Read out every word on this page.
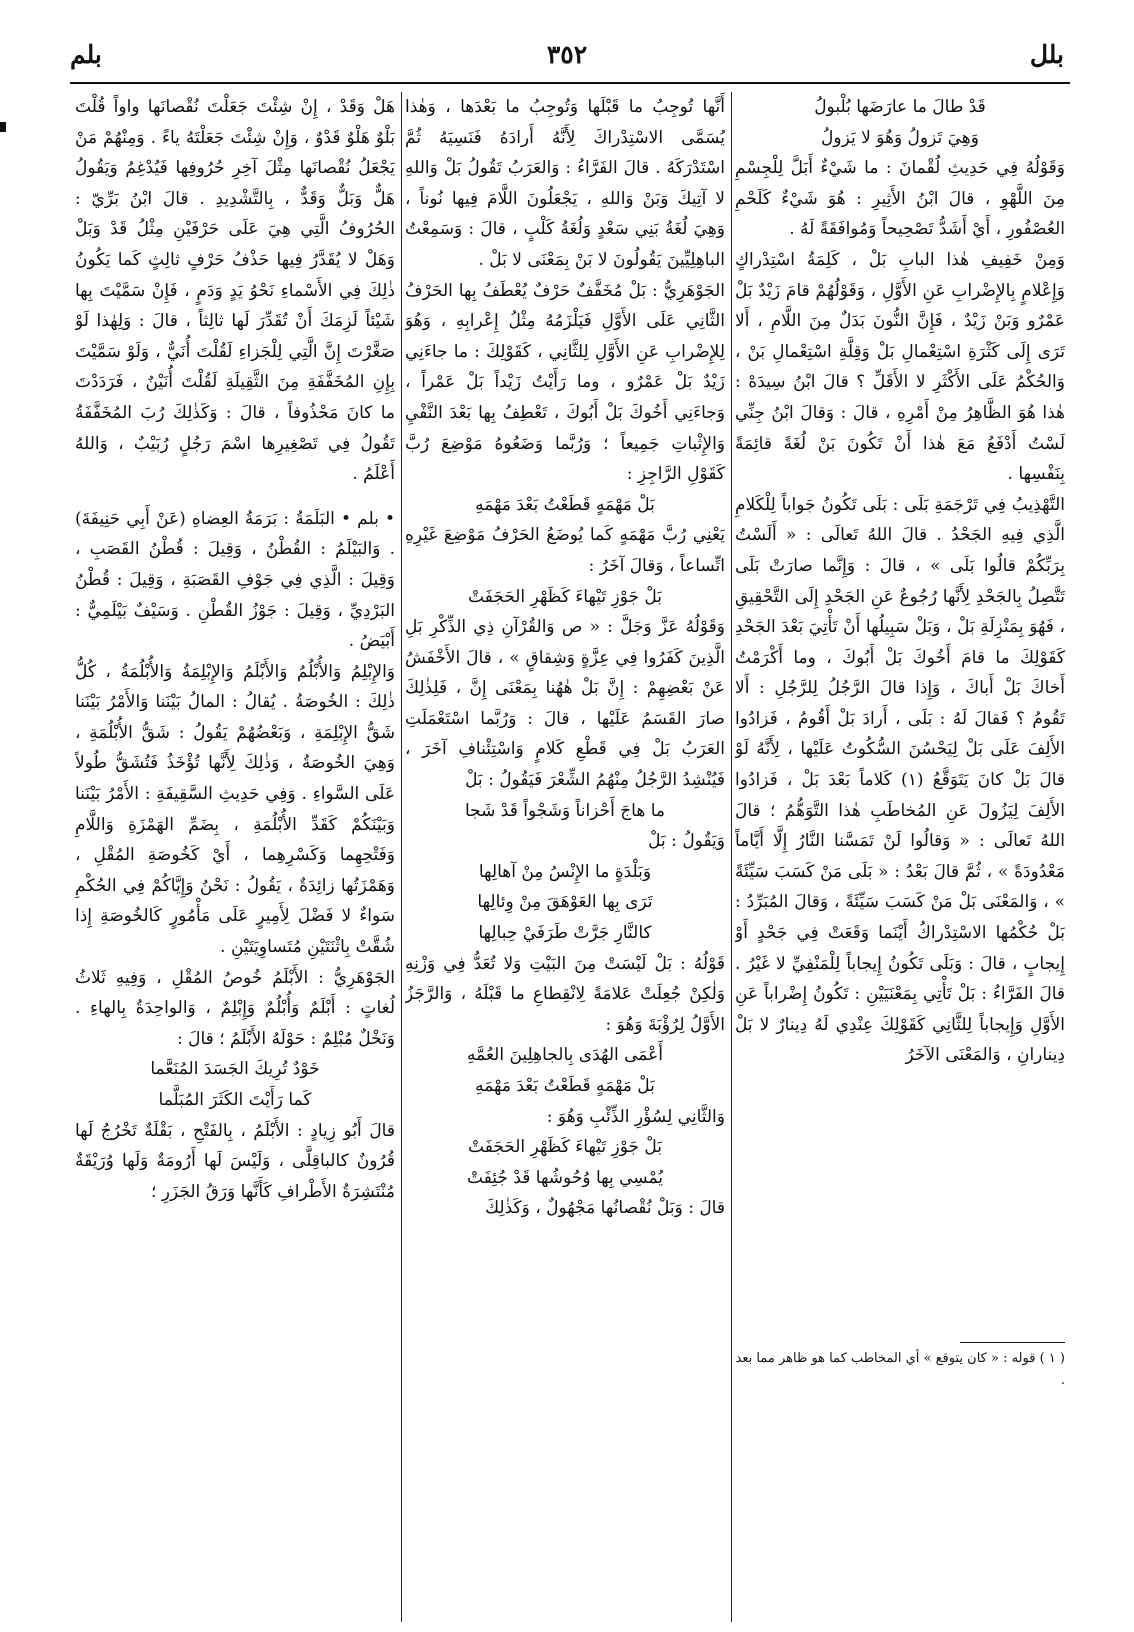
٣٥٢	بلل
بلم

قَدْ طالَ ما عارَضَها بُلْبولُ

وَهِيَ تَزولُ وَهُوَ لا يَزولُ

وَقَوْلُهُ فِي حَدِيثِ لُقْمانَ : ما شَيْءٌ أَبَلَّ لِلْجِسْمِ مِنَ اللَّهْوِ ، قالَ ابْنُ الأَثِيرِ : هُوَ شَيْءٌ كَلَحْمِ العُصْفُورِ ، أَيْ أَشَدُّ تَصْحِيحاً وَمُوافَقَةً لَهُ .

وَمِنْ خَفِيفِ هٰذا البابِ بَلْ ، كَلِمَةُ اسْتِدْراكٍ وَإِعْلامٍ بِالإِضْرابِ عَنِ الأَوَّلِ ، وَقَوْلُهُمْ قامَ زَيْدٌ بَلْ عَمْرٌو وَبَنْ زَيْدٌ ، فَإِنَّ النُّونَ بَدَلٌ مِنَ اللَّامِ ، أَلا تَرَى إِلَى كَثْرَةِ اسْتِعْمالِ بَلْ وَقِلَّةِ اسْتِعْمالِ بَنْ ، وَالحُكْمُ عَلَى الأَكْثَرِ لا الأَقَلِّ ؟ قالَ ابْنُ سِيدَهْ : هٰذا هُوَ الظَّاهِرُ مِنْ أَمْرِهِ ، قالَ : وَقالَ ابْنُ جِنِّي لَسْتُ أَدْفَعُ مَعَ هٰذا أَنْ تَكُونَ بَنْ لُغَةً قائِمَةً بِنَفْسِها .

التَّهْذِيبُ فِي تَرْجَمَةِ بَلَى : بَلَى تَكُونُ جَواباً لِلْكَلامِ الَّذِي فِيهِ الجَحْدُ . قالَ اللهُ تَعالَى : « أَلَسْتُ بِرَبِّكُمْ قالُوا بَلَى » ، قالَ : وَإِنَّما صارَتْ بَلَى تَتَّصِلُ بِالجَحْدِ لِأَنَّها رُجُوعٌ عَنِ الجَحْدِ إِلَى التَّحْقِيقِ ، فَهُوَ بِمَنْزِلَةِ بَلْ ، وَبَلْ سَبِيلُها أَنْ تَأْتِيَ بَعْدَ الجَحْدِ كَقَوْلِكَ ما قامَ أَخُوكَ بَلْ أَبُوكَ ، وما أَكْرَمْتُ أَخاكَ بَلْ أَباكَ ، وَإِذا قالَ الرَّجُلُ لِلرَّجُلِ : أَلا تَقُومُ ؟ فَقالَ لَهُ : بَلَى ، أَرادَ بَلْ أَقُومُ ، فَزادُوا الأَلِفَ عَلَى بَلْ لِيَحْسُنَ السُّكُوتُ عَلَيْها ، لِأَنَّهُ لَوْ قالَ بَلْ كانَ يَتَوَقَّعُ (١) كَلاماً بَعْدَ بَلْ ، فَزادُوا الأَلِفَ لِيَزُولَ عَنِ المُخاطَبِ هٰذا التَّوَهُّمُ ؛ قالَ اللهُ تَعالَى : « وَقالُوا لَنْ تَمَسَّنا النَّارُ إِلَّا أَيَّاماً مَعْدُودَةً » ، ثُمَّ قالَ بَعْدُ : « بَلَى مَنْ كَسَبَ سَيِّئَةً » ، وَالمَعْنَى بَلْ مَنْ كَسَبَ سَيِّئَةً ، وَقالَ المُبَرِّدُ : بَلْ حُكْمُها الاسْتِدْراكُ أَيْنَما وَقَعَتْ فِي جَحْدٍ أَوْ إِيجابٍ ، قالَ : وَبَلَى تَكُونُ إِيجاباً لِلْمَنْفِيِّ لا غَيْرُ . قالَ الفَرَّاءُ : بَلْ تَأْتِي بِمَعْنَيَيْنِ : تَكُونُ إِضْراباً عَنِ الأَوَّلِ وَإِيجاباً لِلثَّانِي كَقَوْلِكَ عِنْدِي لَهُ دِينارٌ لا بَلْ دِينارانِ ، وَالمَعْنَى الآخَرُ

( ١ ) قوله : « كان يتوقع » أي المخاطب كما هو ظاهر مما بعد .

أَنَّها تُوجِبُ ما قَبْلَها وَتُوجِبُ ما بَعْدَها ، وَهٰذا يُسَمَّى الاسْتِدْراكَ لِأَنَّهُ أَرادَهُ فَنَسِيَهُ ثُمَّ اسْتَدْرَكَهُ . قالَ الفَرَّاءُ : وَالعَرَبُ تَقُولُ بَلْ وَاللهِ لا آتِيكَ وَبَنْ وَاللهِ ، يَجْعَلُونَ اللَّامَ فِيها نُوناً ، وَهِيَ لُغَةُ بَنِي سَعْدٍ وَلُغَةُ كَلْبٍ ، قالَ : وَسَمِعْتُ الباهِلِيِّينَ يَقُولُونَ لا بَنْ بِمَعْنَى لا بَلْ .

الجَوْهَرِيُّ : بَلْ مُخَفَّفٌ حَرْفٌ يُعْطَفُ بِها الحَرْفُ الثَّانِي عَلَى الأَوَّلِ فَيَلْزَمُهُ مِثْلُ إِعْرابِهِ ، وَهُوَ لِلإِضْرابِ عَنِ الأَوَّلِ لِلثَّانِي ، كَقَوْلِكَ : ما جاءَنِي زَيْدٌ بَلْ عَمْرٌو ، وما رَأَيْتُ زَيْداً بَلْ عَمْراً ، وَجاءَنِي أَخُوكَ بَلْ أَبُوكَ ، تَعْطِفُ بِها بَعْدَ النَّفْيِ وَالإِثْباتِ جَمِيعاً ؛ وَرُبَّما وَضَعُوهُ مَوْضِعَ رُبَّ كَقَوْلِ الرَّاجِزِ :

بَلْ مَهْمَهٍ قَطَعْتُ بَعْدَ مَهْمَهِ

يَعْنِي رُبَّ مَهْمَهٍ كَما يُوضَعُ الحَرْفُ مَوْضِعَ غَيْرِهِ اتِّساعاً ، وَقالَ آخَرُ :

بَلْ جَوْزِ تَيْهاءَ كَظَهْرِ الحَجَفَتْ

وَقَوْلُهُ عَزَّ وَجَلَّ : « ص وَالقُرْآنِ ذِي الذِّكْرِ بَلِ الَّذِينَ كَفَرُوا فِي عِزَّةٍ وَشِقاقٍ » ، قالَ الأَخْفَشُ عَنْ بَعْضِهِمْ : إِنَّ بَلْ هٰهُنا بِمَعْنَى إِنَّ ، فَلِذٰلِكَ صارَ القَسَمُ عَلَيْها ، قالَ : وَرُبَّما اسْتَعْمَلَتِ العَرَبُ بَلْ فِي قَطْعِ كَلامٍ وَاسْتِئْنافِ آخَرَ ، فَيُنْشِدُ الرَّجُلُ مِنْهُمُ الشِّعْرَ فَيَقُولُ : بَلْ

ما هاجَ أَحْزاناً وَشَجْواً قَدْ شَجا

وَيَقُولُ : بَلْ

وَبَلْدَةٍ ما الإِنْسُ مِنْ آهالِها

تَرَى بِها العَوْهَقَ مِنْ وِئالِها

كالنَّارِ جَرَّتْ طَرَفَيْ حِبالِها

قَوْلُهُ : بَلْ لَيْسَتْ مِنَ البَيْتِ وَلا تُعَدُّ فِي وَزْنِهِ وَلٰكِنْ جُعِلَتْ عَلامَةً لِانْقِطاعِ ما قَبْلَهُ ، وَالرَّجَزُ الأَوَّلُ لِرُؤْبَةَ وَهُوَ :

أَعْمَى الهُدَى بِالجاهِلِينَ العُمَّهِ

بَلْ مَهْمَهٍ قَطَعْتُ بَعْدَ مَهْمَهِ

وَالثَّانِي لِسُؤْرِ الذِّئْبِ وَهُوَ :

بَلْ جَوْزِ تَيْهاءَ كَظَهْرِ الحَجَفَتْ

يُمْسِي بِها وُحُوشُها قَدْ جُئِفَتْ

قالَ : وَبَلْ نُقْصانُها مَجْهُولٌ ، وَكَذٰلِكَ

هَلْ وَقَدْ ، إِنْ شِئْتَ جَعَلْتَ نُقْصانَها واواً قُلْتَ بَلْوٌ هَلْوٌ قَدْوٌ ، وَإِنْ شِئْتَ جَعَلْتَهُ ياءً . وَمِنْهُمْ مَنْ يَجْعَلُ نُقْصانَها مِثْلَ آخِرِ حُرُوفِها فَيُدْغِمُ وَيَقُولُ هَلٌّ وَبَلٌّ وَقَدٌّ ، بِالتَّشْدِيدِ . قالَ ابْنُ بَرِّيّ : الحُرُوفُ الَّتِي هِيَ عَلَى حَرْفَيْنِ مِثْلُ قَدْ وَبَلْ وَهَلْ لا يُقَدَّرُ فِيها حَذْفُ حَرْفٍ ثالِثٍ كَما يَكُونُ ذٰلِكَ فِي الأَسْماءِ نَحْوُ يَدٍ وَدَمٍ ، فَإِنْ سَمَّيْتَ بِها شَيْئاً لَزِمَكَ أَنْ تُقَدِّرَ لَها ثالِثاً ، قالَ : وَلِهٰذا لَوْ صَغَّرْتَ إِنَّ الَّتِي لِلْجَزاءِ لَقُلْتَ أُنَيٌّ ، وَلَوْ سَمَّيْتَ بِإِنِ المُخَفَّفَةِ مِنَ الثَّقِيلَةِ لَقُلْتَ أُنَيْنٌ ، فَرَدَدْتَ ما كانَ مَحْذُوفاً ، قالَ : وَكَذٰلِكَ رُبَ المُخَفَّفَةُ تَقُولُ فِي تَصْغِيرِها اسْمَ رَجُلٍ رُبَيْبٌ ، وَاللهُ أَعْلَمُ .

• بلم • البَلَمَةُ : بَرَمَةُ العِضاهِ (عَنْ أَبِي حَنِيفَةَ) . وَالبَيْلَمُ : القُطْنُ ، وَقِيلَ : قُطْنُ القَصَبِ ، وَقِيلَ : الَّذِي فِي جَوْفِ القَصَبَةِ ، وَقِيلَ : قُطْنُ البَرْدِيِّ ، وَقِيلَ : جَوْزُ القُطْنِ . وَسَيْفٌ بَيْلَمِيٌّ : أَبْيَضُ .

وَالإِبْلِمُ وَالأُبْلُمُ وَالأَبْلَمُ وَالإِبْلِمَةُ وَالأُبْلُمَةُ ، كُلُّ ذٰلِكَ : الخُوصَةُ . يُقالُ : المالُ بَيْنَنا وَالأَمْرُ بَيْنَنا شَقُّ الإِبْلِمَةِ ، وَبَعْضُهُمْ يَقُولُ : شَقُّ الأُبْلُمَةِ ، وَهِيَ الخُوصَةُ ، وَذٰلِكَ لِأَنَّها تُؤْخَذُ فَتُشَقُّ طُولاً عَلَى السَّواءِ . وَفِي حَدِيثِ السَّقِيفَةِ : الأَمْرُ بَيْنَنا وَبَيْنَكُمْ كَقَدِّ الأُبْلُمَةِ ، بِضَمِّ الهَمْزَةِ وَاللَّامِ وَفَتْحِهِما وَكَسْرِهِما ، أَيْ كَخُوصَةِ المُقْلِ ، وَهَمْزَتُها زائِدَةٌ ، يَقُولُ : نَحْنُ وَإِيَّاكُمْ فِي الحُكْمِ سَواءٌ لا فَضْلَ لِأَمِيرٍ عَلَى مَأْمُورٍ كَالخُوصَةِ إِذا شُقَّتْ بِاثْنَتَيْنِ مُتَساوِيَتَيْنِ .

الجَوْهَرِيُّ : الأَبْلَمُ خُوصُ المُقْلِ ، وَفِيهِ ثَلاثُ لُغاتٍ : أَبْلَمٌ وَأُبْلُمٌ وَإِبْلِمٌ ، وَالواحِدَةُ بِالهاءِ . وَنَخْلٌ مُبْلِمٌ : حَوْلَهُ الأَبْلَمُ ؛ قالَ :

خَوْدٌ تُرِيكَ الجَسَدَ المُنَعَّما

كَما رَأَيْتَ الكَثَرَ المُبَلَّما

قالَ أَبُو زِيادٍ : الأَبْلَمُ ، بِالفَتْحِ ، بَقْلَةٌ تَخْرُجُ لَها قُرُونٌ كالباقِلَّى ، وَلَيْسَ لَها أَرُومَةٌ وَلَها وُرَيْقَةٌ مُنْتَشِرَةُ الأَطْرافِ كَأَنَّها وَرَقُ الجَزَرِ ؛
